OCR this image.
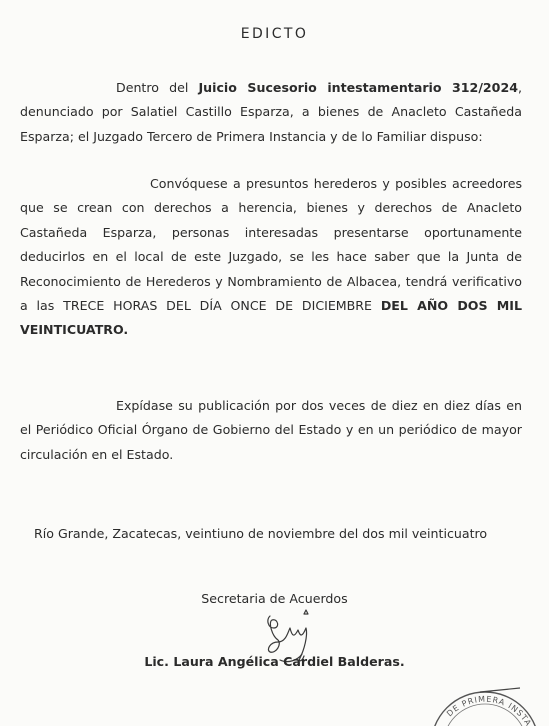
EDICTO

Dentro del Juicio Sucesorio intestamentario 312/2024, denunciado por Salatiel Castillo Esparza, a bienes de Anacleto Castañeda Esparza; el Juzgado Tercero de Primera Instancia y de lo Familiar dispuso:

Convóquese a presuntos herederos y posibles acreedores que se crean con derechos a herencia, bienes y derechos de Anacleto Castañeda Esparza, personas interesadas presentarse oportunamente deducirlos en el local de este Juzgado, se les hace saber que la Junta de Reconocimiento de Herederos y Nombramiento de Albacea, tendrá verificativo a las TRECE HORAS DEL DÍA ONCE DE DICIEMBRE DEL AÑO DOS MIL VEINTICUATRO.

Expídase su publicación por dos veces de diez en diez días en el Periódico Oficial Órgano de Gobierno del Estado y en un periódico de mayor circulación en el Estado.

Río Grande, Zacatecas, veintiuno de noviembre del dos mil veinticuatro
Secretaria de Acuerdos
Lic. Laura Angélica Cardiel Balderas.
DE PRIMERA INSTA
